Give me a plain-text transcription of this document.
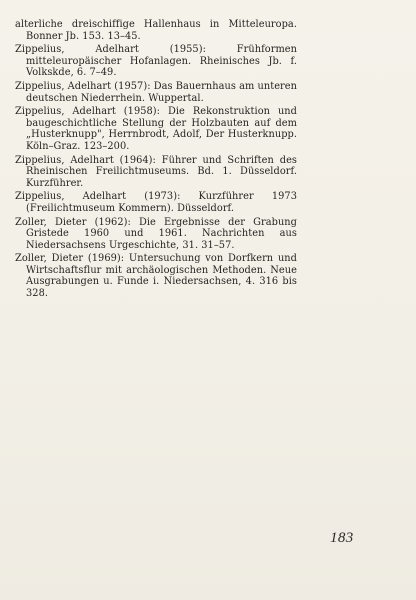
alterliche dreischiffige Hallenhaus in Mitteleuropa. Bonner Jb. 153. 13–45.

Zippelius, Adelhart (1955): Frühformen mitteleuropäischer Hofanlagen. Rheinisches Jb. f. Volkskde, 6. 7–49.

Zippelius, Adelhart (1957): Das Bauernhaus am unteren deutschen Niederrhein. Wuppertal.

Zippelius, Adelhart (1958): Die Rekonstruktion und baugeschichtliche Stellung der Holzbauten auf dem „Husterknupp", Herrnbrodt, Adolf, Der Husterknupp. Köln–Graz. 123–200.

Zippelius, Adelhart (1964): Führer und Schriften des Rheinischen Freilichtmuseums. Bd. 1. Düsseldorf. Kurzführer.

Zippelius, Adelhart (1973): Kurzführer 1973 (Freilichtmuseum Kommern). Düsseldorf.

Zoller, Dieter (1962): Die Ergebnisse der Grabung Gristede 1960 und 1961. Nachrichten aus Niedersachsens Urgeschichte, 31. 31–57.

Zoller, Dieter (1969): Untersuchung von Dorfkern und Wirtschaftsflur mit archäologischen Methoden. Neue Ausgrabungen u. Funde i. Niedersachsen, 4. 316 bis 328.

183
